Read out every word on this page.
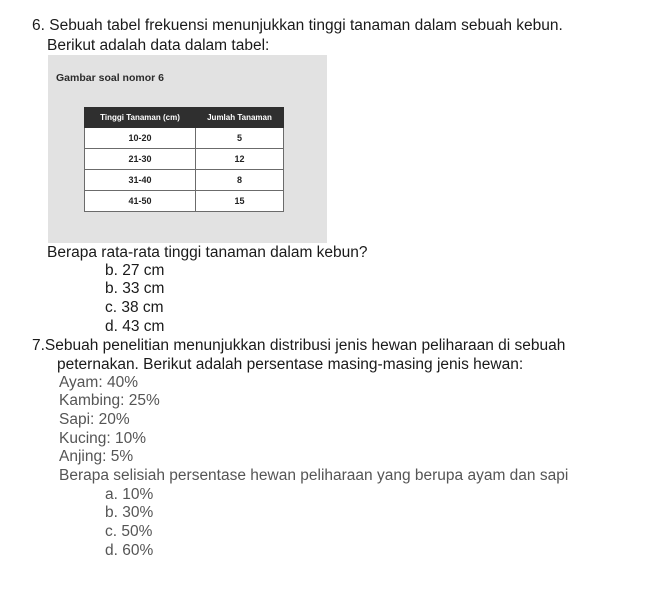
6. Sebuah tabel frekuensi menunjukkan tinggi tanaman dalam sebuah kebun.
Berikut adalah data dalam tabel:
Gambar soal nomor 6
Tinggi Tanaman (cm)	Jumlah Tanaman
10-20	5
21-30	12
31-40	8
41-50	15
Berapa rata-rata tinggi tanaman dalam kebun?
b. 27 cm
b. 33 cm
c. 38 cm
d. 43 cm
7.Sebuah penelitian menunjukkan distribusi jenis hewan peliharaan di sebuah
peternakan. Berikut adalah persentase masing-masing jenis hewan:
Ayam: 40%
Kambing: 25%
Sapi: 20%
Kucing: 10%
Anjing: 5%
Berapa selisiah persentase hewan peliharaan yang berupa ayam dan sapi
a. 10%
b. 30%
c. 50%
d. 60%
